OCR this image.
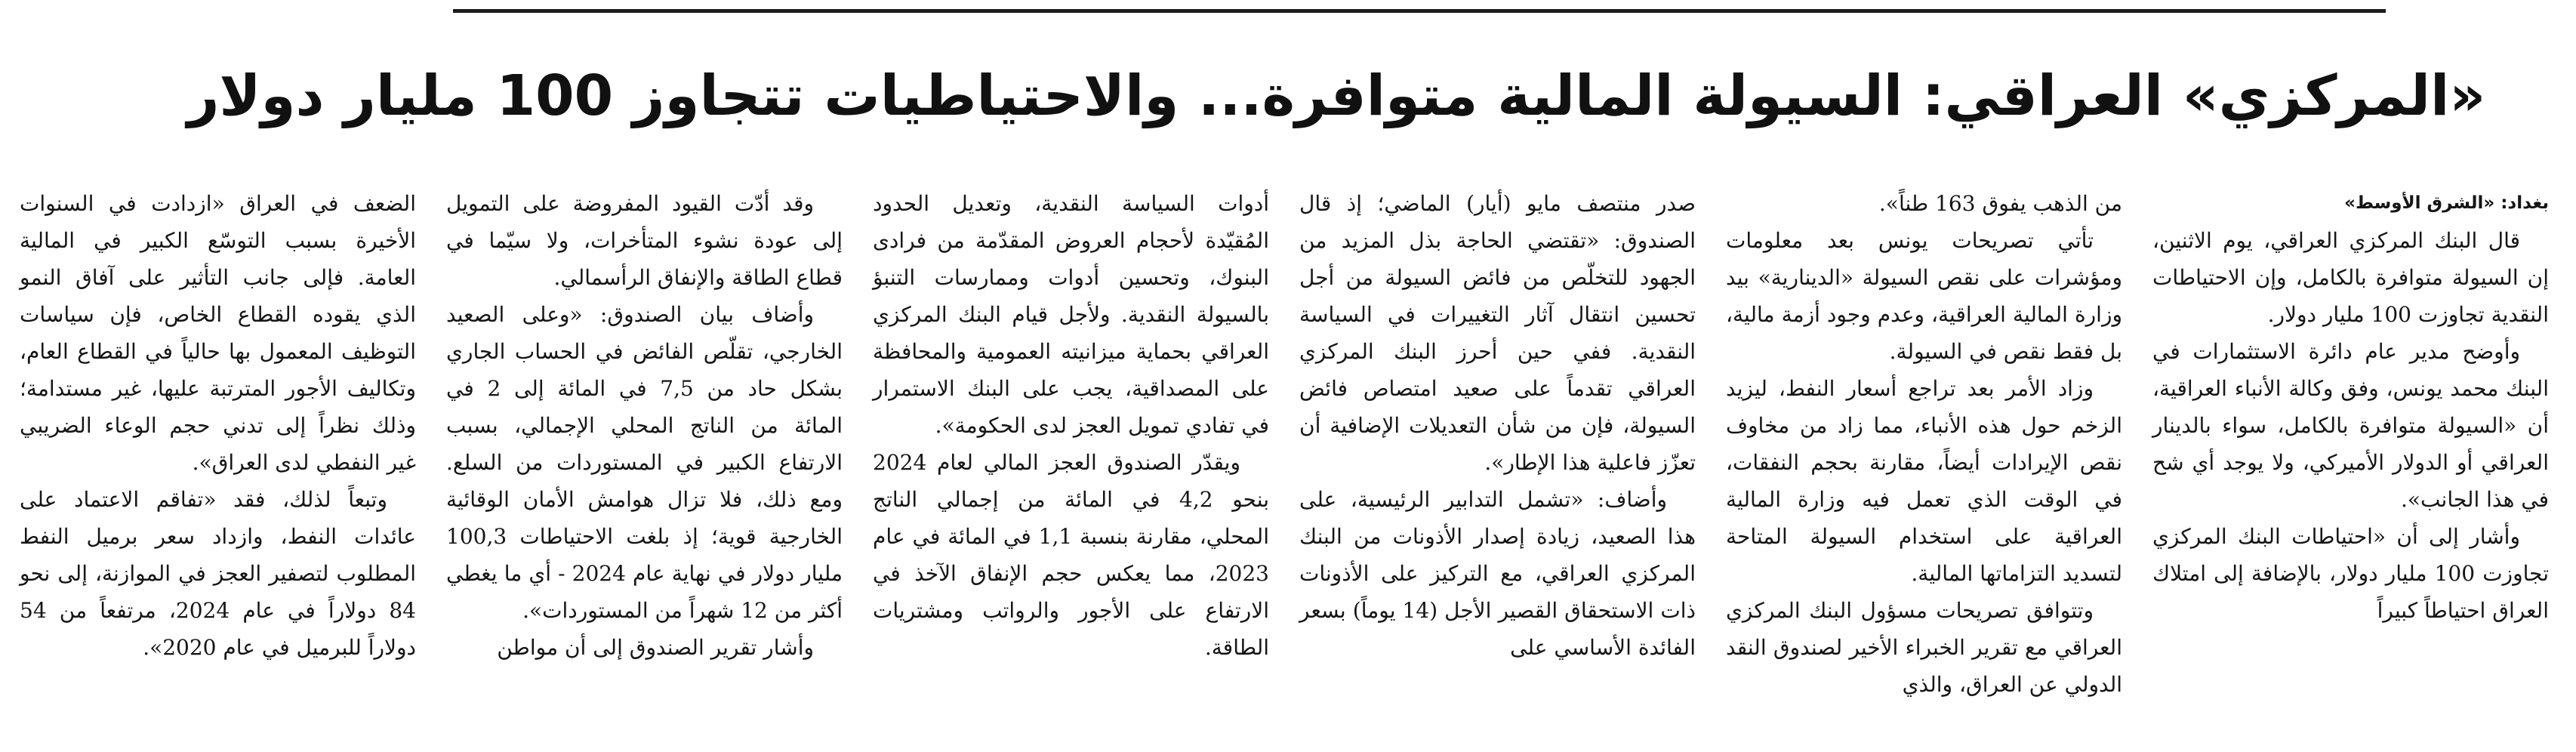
«المركزي» العراقي: السيولة المالية متوافرة... والاحتياطيات تتجاوز 100 مليار دولار
بغداد: «الشرق الأوسط»

قال البنك المركزي العراقي، يوم الاثنين، إن السيولة متوافرة بالكامل، وإن الاحتياطات النقدية تجاوزت 100 مليار دولار.

وأوضح مدير عام دائرة الاستثمارات في البنك محمد يونس، وفق وكالة الأنباء العراقية، أن «السيولة متوافرة بالكامل، سواء بالدينار العراقي أو الدولار الأميركي، ولا يوجد أي شح في هذا الجانب».

وأشار إلى أن «احتياطات البنك المركزي تجاوزت 100 مليار دولار، بالإضافة إلى امتلاك العراق احتياطاً كبيراً

من الذهب يفوق 163 طناً».

تأتي تصريحات يونس بعد معلومات ومؤشرات على نقص السيولة «الدينارية» بيد وزارة المالية العراقية، وعدم وجود أزمة مالية، بل فقط نقص في السيولة.

وزاد الأمر بعد تراجع أسعار النفط، ليزيد الزخم حول هذه الأنباء، مما زاد من مخاوف نقص الإيرادات أيضاً، مقارنة بحجم النفقات، في الوقت الذي تعمل فيه وزارة المالية العراقية على استخدام السيولة المتاحة لتسديد التزاماتها المالية.

وتتوافق تصريحات مسؤول البنك المركزي العراقي مع تقرير الخبراء الأخير لصندوق النقد الدولي عن العراق، والذي

صدر منتصف مايو (أيار) الماضي؛ إذ قال الصندوق: «تقتضي الحاجة بذل المزيد من الجهود للتخلّص من فائض السيولة من أجل تحسين انتقال آثار التغييرات في السياسة النقدية. ففي حين أحرز البنك المركزي العراقي تقدماً على صعيد امتصاص فائض السيولة، فإن من شأن التعديلات الإضافية أن تعزّز فاعلية هذا الإطار».

وأضاف: «تشمل التدابير الرئيسية، على هذا الصعيد، زيادة إصدار الأذونات من البنك المركزي العراقي، مع التركيز على الأذونات ذات الاستحقاق القصير الأجل (14 يوماً) بسعر الفائدة الأساسي على

أدوات السياسة النقدية، وتعديل الحدود المُقيّدة لأحجام العروض المقدّمة من فرادى البنوك، وتحسين أدوات وممارسات التنبؤ بالسيولة النقدية. ولأجل قيام البنك المركزي العراقي بحماية ميزانيته العمومية والمحافظة على المصداقية، يجب على البنك الاستمرار في تفادي تمويل العجز لدى الحكومة».

ويقدّر الصندوق العجز المالي لعام 2024 بنحو 4,2 في المائة من إجمالي الناتج المحلي، مقارنة بنسبة 1,1 في المائة في عام 2023، مما يعكس حجم الإنفاق الآخذ في الارتفاع على الأجور والرواتب ومشتريات الطاقة.

وقد أدّت القيود المفروضة على التمويل إلى عودة نشوء المتأخرات، ولا سيّما في قطاع الطاقة والإنفاق الرأسمالي.

وأضاف بيان الصندوق: «وعلى الصعيد الخارجي، تقلّص الفائض في الحساب الجاري بشكل حاد من 7,5 في المائة إلى 2 في المائة من الناتج المحلي الإجمالي، بسبب الارتفاع الكبير في المستوردات من السلع. ومع ذلك، فلا تزال هوامش الأمان الوقائية الخارجية قوية؛ إذ بلغت الاحتياطات 100,3 مليار دولار في نهاية عام 2024 - أي ما يغطي أكثر من 12 شهراً من المستوردات».

وأشار تقرير الصندوق إلى أن مواطن

الضعف في العراق «ازدادت في السنوات الأخيرة بسبب التوسّع الكبير في المالية العامة. فإلى جانب التأثير على آفاق النمو الذي يقوده القطاع الخاص، فإن سياسات التوظيف المعمول بها حالياً في القطاع العام، وتكاليف الأجور المترتبة عليها، غير مستدامة؛ وذلك نظراً إلى تدني حجم الوعاء الضريبي غير النفطي لدى العراق».

وتبعاً لذلك، فقد «تفاقم الاعتماد على عائدات النفط، وازداد سعر برميل النفط المطلوب لتصفير العجز في الموازنة، إلى نحو 84 دولاراً في عام 2024، مرتفعاً من 54 دولاراً للبرميل في عام 2020».
